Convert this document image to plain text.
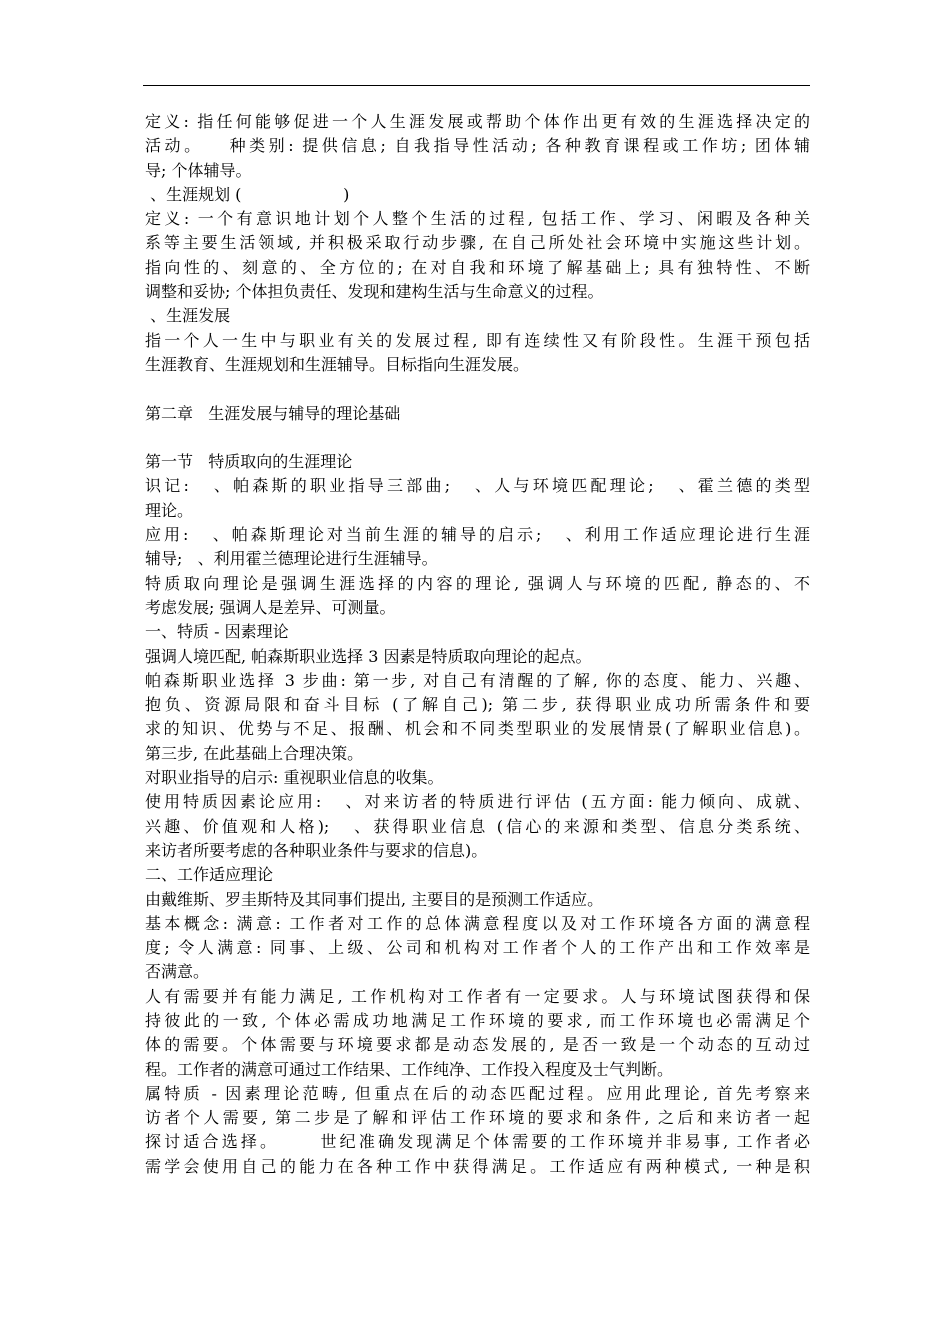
定义: 指任何能够促进一个人生涯发展或帮助个体作出更有效的生涯选择决定的
活动。   种类别: 提供信息; 自我指导性活动; 各种教育课程或工作坊; 团体辅
导; 个体辅导。
、生涯规划 (                    )
定义: 一个有意识地计划个人整个生活的过程, 包括工作、学习、闲暇及各种关
系等主要生活领域, 并积极采取行动步骤, 在自己所处社会环境中实施这些计划。
指向性的、刻意的、全方位的; 在对自我和环境了解基础上; 具有独特性、不断
调整和妥协; 个体担负责任、发现和建构生活与生命意义的过程。
、生涯发展
指一个人一生中与职业有关的发展过程, 即有连续性又有阶段性。生涯干预包括
生涯教育、生涯规划和生涯辅导。目标指向生涯发展。
第二章   生涯发展与辅导的理论基础
第一节   特质取向的生涯理论
识记:   、帕森斯的职业指导三部曲;   、人与环境匹配理论;   、霍兰德的类型
理论。
应用:   、帕森斯理论对当前生涯的辅导的启示;   、利用工作适应理论进行生涯
辅导;   、利用霍兰德理论进行生涯辅导。
特质取向理论是强调生涯选择的内容的理论, 强调人与环境的匹配, 静态的、不
考虑发展; 强调人是差异、可测量。
一、特质 - 因素理论
强调人境匹配, 帕森斯职业选择 3 因素是特质取向理论的起点。
帕森斯职业选择 3 步曲: 第一步, 对自己有清醒的了解, 你的态度、能力、兴趣、
抱负、资源局限和奋斗目标 (了解自己); 第二步, 获得职业成功所需条件和要
求的知识、优势与不足、报酬、机会和不同类型职业的发展情景(了解职业信息)。
第三步, 在此基础上合理决策。
对职业指导的启示: 重视职业信息的收集。
使用特质因素论应用:   、对来访者的特质进行评估 (五方面: 能力倾向、成就、
兴趣、价值观和人格);   、获得职业信息 (信心的来源和类型、信息分类系统、
来访者所要考虑的各种职业条件与要求的信息)。
二、工作适应理论
由戴维斯、罗圭斯特及其同事们提出, 主要目的是预测工作适应。
基本概念: 满意: 工作者对工作的总体满意程度以及对工作环境各方面的满意程
度; 令人满意: 同事、上级、公司和机构对工作者个人的工作产出和工作效率是
否满意。
人有需要并有能力满足, 工作机构对工作者有一定要求。人与环境试图获得和保
持彼此的一致, 个体必需成功地满足工作环境的要求, 而工作环境也必需满足个
体的需要。个体需要与环境要求都是动态发展的, 是否一致是一个动态的互动过
程。工作者的满意可通过工作结果、工作纯净、工作投入程度及士气判断。
属特质 - 因素理论范畴, 但重点在后的动态匹配过程。应用此理论, 首先考察来
访者个人需要, 第二步是了解和评估工作环境的要求和条件, 之后和来访者一起
探讨适合选择。     世纪准确发现满足个体需要的工作环境并非易事, 工作者必
需学会使用自己的能力在各种工作中获得满足。工作适应有两种模式, 一种是积
